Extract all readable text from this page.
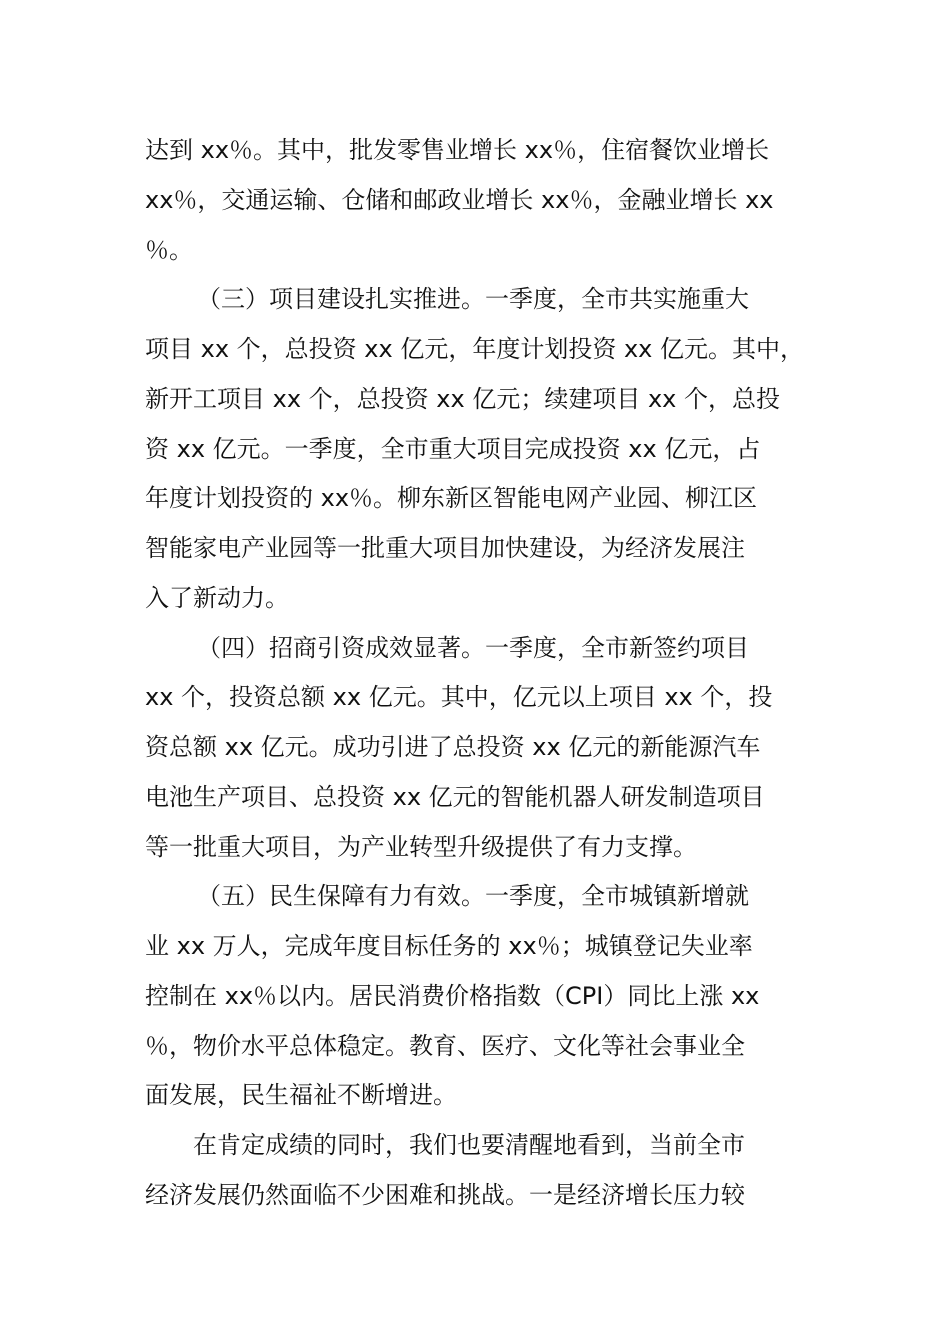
达到 xx％。其中，批发零售业增长 xx％，住宿餐饮业增长
xx％，交通运输、仓储和邮政业增长 xx％，金融业增长 xx
％。
（三）项目建设扎实推进。一季度，全市共实施重大
项目 xx 个，总投资 xx 亿元，年度计划投资 xx 亿元。其中，
新开工项目 xx 个，总投资 xx 亿元；续建项目 xx 个，总投
资 xx 亿元。一季度，全市重大项目完成投资 xx 亿元，占
年度计划投资的 xx％。柳东新区智能电网产业园、柳江区
智能家电产业园等一批重大项目加快建设，为经济发展注
入了新动力。
（四）招商引资成效显著。一季度，全市新签约项目
xx 个，投资总额 xx 亿元。其中，亿元以上项目 xx 个，投
资总额 xx 亿元。成功引进了总投资 xx 亿元的新能源汽车
电池生产项目、总投资 xx 亿元的智能机器人研发制造项目
等一批重大项目，为产业转型升级提供了有力支撑。
（五）民生保障有力有效。一季度，全市城镇新增就
业 xx 万人，完成年度目标任务的 xx％；城镇登记失业率
控制在 xx％以内。居民消费价格指数（CPI）同比上涨 xx
％，物价水平总体稳定。教育、医疗、文化等社会事业全
面发展，民生福祉不断增进。
在肯定成绩的同时，我们也要清醒地看到，当前全市
经济发展仍然面临不少困难和挑战。一是经济增长压力较
